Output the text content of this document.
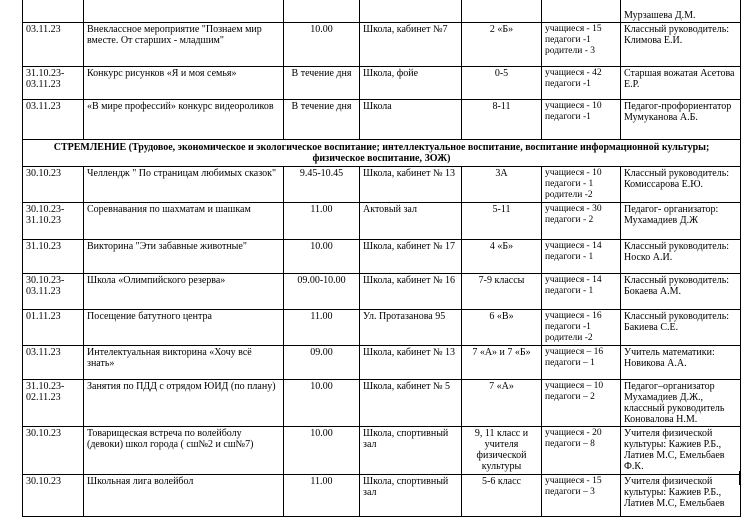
						Мурзашева Д.М.
03.11.23	Внеклассное мероприятие "Познаем мир вместе. От старших - младшим"	10.00	Школа, кабинет №7	2 «Б»	учащиеся - 15
педагоги -1
родители - 3	Классный руководитель: Климова Е.И.
31.10.23-
03.11.23	Конкурс рисунков «Я и моя семья»	В течение дня	Школа, фойе	0-5	учащиеся - 42
педагоги -1	Старшая вожатая Асетова Е.Р.
03.11.23	«В мире профессий» конкурс видеороликов	В течение дня	Школа	8-11	учащиеся - 10
педагоги -1	Педагог-профориентатор Мумуканова А.Б.
СТРЕМЛЕНИЕ (Трудовое, экономическое и экологическое воспитание; интеллектуальное воспитание, воспитание информационной культуры; физическое воспитание, ЗОЖ)						
30.10.23	Челлендж " По страницам любимых сказок"	9.45-10.45	Школа, кабинет № 13	3А	учащиеся - 10
педагоги - 1
родители -2	Классный руководитель: Комиссарова Е.Ю.
30.10.23-
31.10.23	Соревнавания по шахматам и шашкам	11.00	Актовый зал	5-11	учащиеся - 30
педагоги - 2	Педагог- организатор: Мухамадиев Д.Ж
31.10.23	Викторина "Эти забавные животные"	10.00	Школа, кабинет № 17	4 «Б»	учащиеся - 14
педагоги - 1	Классный руководитель: Носко А.И.
30.10.23-
03.11.23	Школа «Олимпийского резерва»	09.00-10.00	Школа, кабинет № 16	7-9 классы	учащиеся - 14
педагоги - 1	Классный руководитель: Бокаева А.М.
01.11.23	Посещение батутного центра	11.00	Ул. Протазанова 95	6 «В»	учащиеся - 16
педагоги -1
родители -2	Классный руководитель: Бакиева С.Е.
03.11.23	Интелектуальная викторина «Хочу всё знать»	09.00	Школа, кабинет № 13	7 «А» и 7 «Б»	учащиеся – 16
педагоги – 1	Учитель математики: Новикова А.А.
31.10.23-
02.11.23	Занятия по ПДД с отрядом ЮИД (по плану)	10.00	Школа, кабинет № 5	7 «А»	учащиеся – 10
педагоги – 2	Педагог–организатор Мухамадиев Д.Ж., классный руководитель Коновалова Н.М.
30.10.23	Товарищеская встреча по волейболу (девоки) школ города ( сш№2 и сш№7)	10.00	Школа, спортивный зал	9, 11 класс и учителя физической культуры	учащиеся - 20
педагоги – 8	Учителя физической культуры: Кажиев Р.Б., Латиев М.С, Емельбаев Ф.К.
30.10.23	Школьная лига волейбол	11.00	Школа, спортивный зал	5-6 класс	учащиеся - 15
педагоги – 3	Учителя физической культуры: Кажиев Р.Б., Латиев М.С, Емельбаев
